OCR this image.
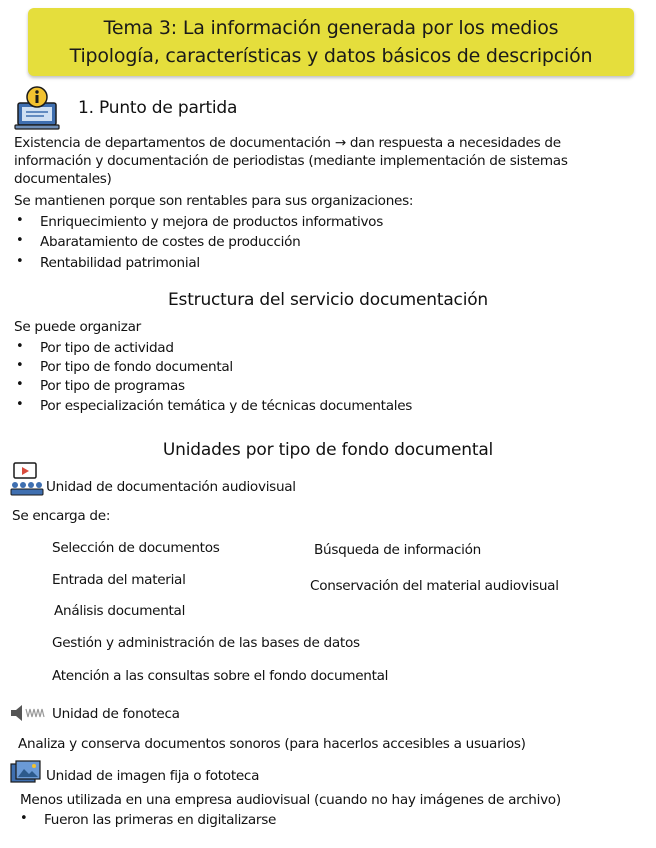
Tema 3: La información generada por los medios
Tipología, características y datos básicos de descripción
1. Punto de partida
Existencia de departamentos de documentación → dan respuesta a necesidades de
información y documentación de periodistas (mediante implementación de sistemas
documentales)
Se mantienen porque son rentables para sus organizaciones:
• Enriquecimiento y mejora de productos informativos
• Abaratamiento de costes de producción
• Rentabilidad patrimonial
Estructura del servicio documentación
Se puede organizar
• Por tipo de actividad
• Por tipo de fondo documental
• Por tipo de programas
• Por especialización temática y de técnicas documentales
Unidades por tipo de fondo documental
Unidad de documentación audiovisual
Se encarga de:
Selección de documentos	Búsqueda de información
Entrada del material	Conservación del material audiovisual
Análisis documental
Gestión y administración de las bases de datos
Atención a las consultas sobre el fondo documental
Unidad de fonoteca
Analiza y conserva documentos sonoros (para hacerlos accesibles a usuarios)
Unidad de imagen fija o fototeca
Menos utilizada en una empresa audiovisual (cuando no hay imágenes de archivo)
• Fueron las primeras en digitalizarse
